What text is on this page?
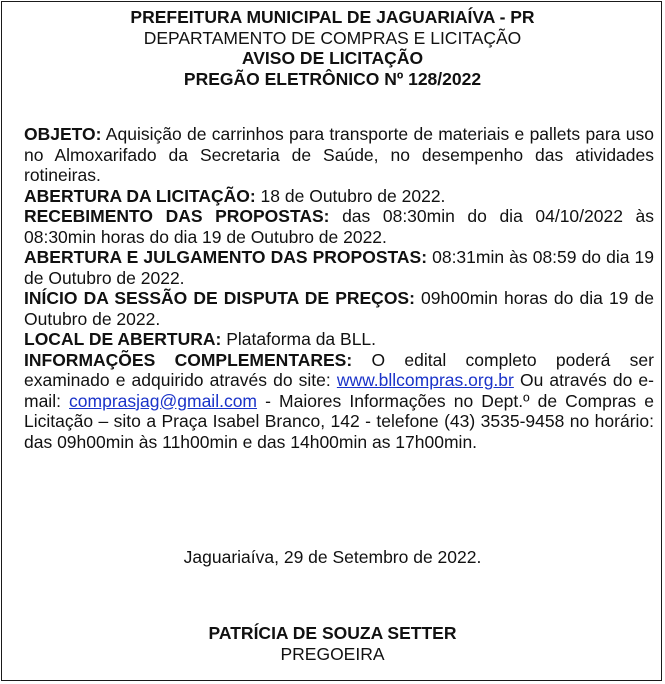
PREFEITURA MUNICIPAL DE JAGUARIAÍVA - PR
DEPARTAMENTO DE COMPRAS E LICITAÇÃO
AVISO DE LICITAÇÃO
PREGÃO ELETRÔNICO Nº 128/2022

OBJETO: Aquisição de carrinhos para transporte de materiais e pallets para uso no Almoxarifado da Secretaria de Saúde, no desempenho das atividades rotineiras.

ABERTURA DA LICITAÇÃO: 18 de Outubro de 2022.

RECEBIMENTO DAS PROPOSTAS: das 08:30min do dia 04/10/2022 às 08:30min horas do dia 19 de Outubro de 2022.

ABERTURA E JULGAMENTO DAS PROPOSTAS: 08:31min às 08:59 do dia 19 de Outubro de 2022.

INÍCIO DA SESSÃO DE DISPUTA DE PREÇOS: 09h00min horas do dia 19 de Outubro de 2022.

LOCAL DE ABERTURA: Plataforma da BLL.

INFORMAÇÕES COMPLEMENTARES: O edital completo poderá ser examinado e adquirido através do site: www.bllcompras.org.br Ou através do e-mail: comprasjag@gmail.com - Maiores Informações no Dept.º de Compras e Licitação – sito a Praça Isabel Branco, 142 - telefone (43) 3535-9458 no horário: das 09h00min às 11h00min e das 14h00min as 17h00min.

Jaguariaíva, 29 de Setembro de 2022.
PATRÍCIA DE SOUZA SETTER
PREGOEIRA
